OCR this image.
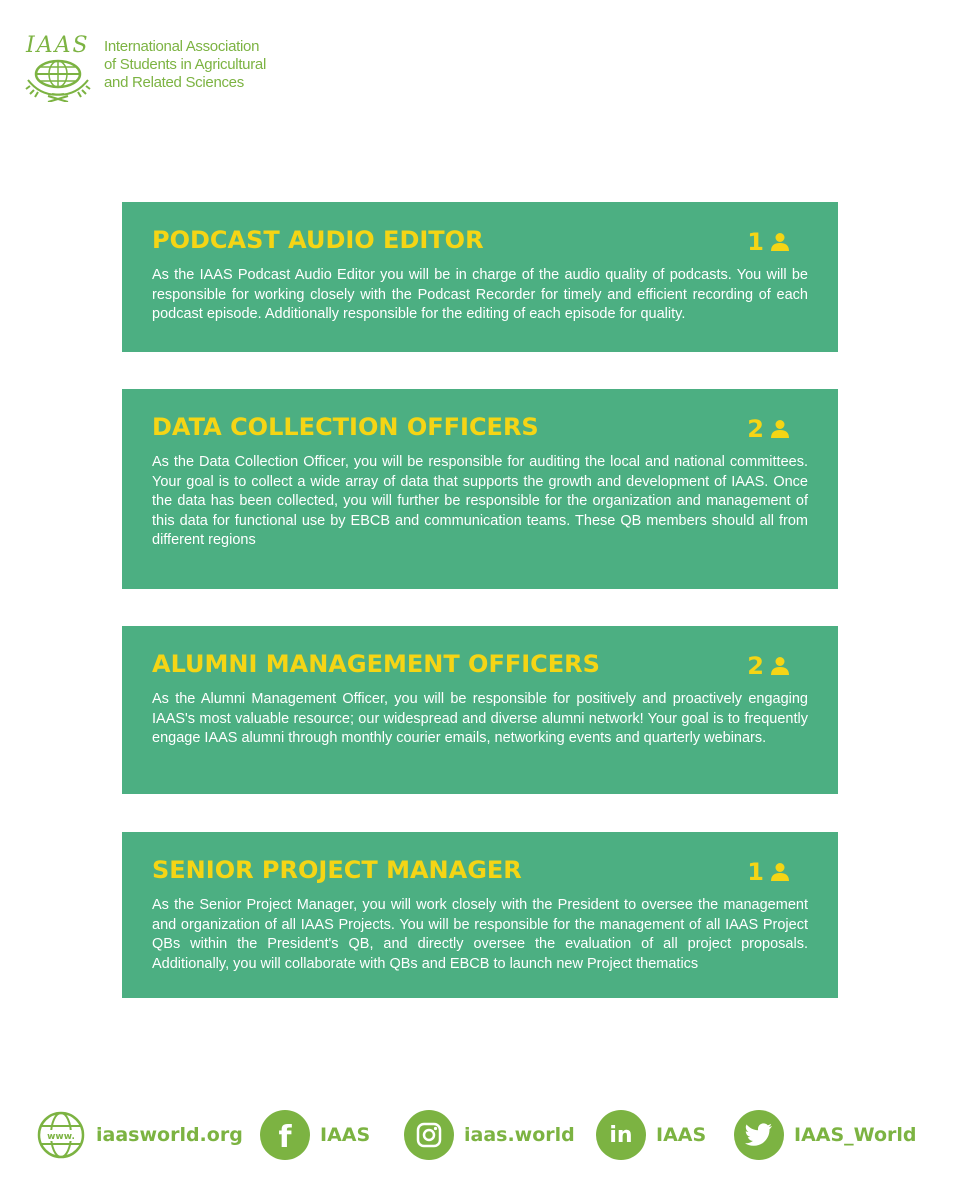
IAAS International Association
of Students in Agricultural
and Related Sciences
PODCAST AUDIO EDITOR	1
As the IAAS Podcast Audio Editor you will be in charge of the audio quality of podcasts. You will be responsible for working closely with the Podcast Recorder for timely and efficient recording of each podcast episode. Additionally responsible for the editing of each episode for quality.
DATA COLLECTION OFFICERS	2
As the Data Collection Officer, you will be responsible for auditing the local and national committees. Your goal is to collect a wide array of data that supports the growth and development of IAAS. Once the data has been collected, you will further be responsible for the organization and management of this data for functional use by EBCB and communication teams. These QB members should all from different regions
ALUMNI MANAGEMENT OFFICERS	2
As the Alumni Management Officer, you will be responsible for positively and proactively engaging IAAS's most valuable resource; our widespread and diverse alumni network! Your goal is to frequently engage IAAS alumni through monthly courier emails, networking events and quarterly webinars.
SENIOR PROJECT MANAGER	1
As the Senior Project Manager, you will work closely with the President to oversee the management and organization of all IAAS Projects. You will be responsible for the management of all IAAS Project QBs within the President's QB, and directly oversee the evaluation of all project proposals. Additionally, you will collaborate with QBs and EBCB to launch new Project thematics
www. iaasworld.org f IAAS	iaas.world in IAAS	IAAS_World
